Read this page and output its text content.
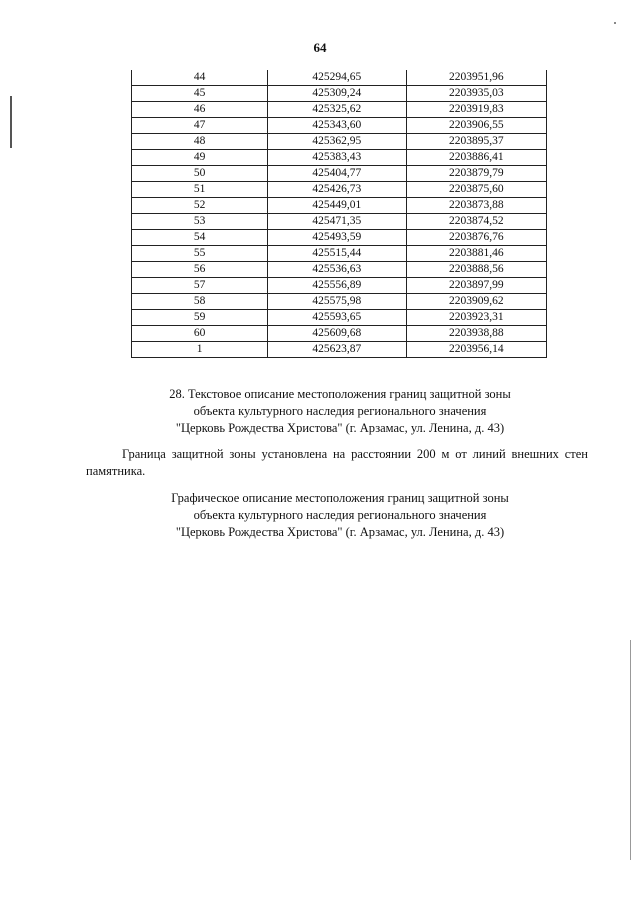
64
44	425294,65	2203951,96
45	425309,24	2203935,03
46	425325,62	2203919,83
47	425343,60	2203906,55
48	425362,95	2203895,37
49	425383,43	2203886,41
50	425404,77	2203879,79
51	425426,73	2203875,60
52	425449,01	2203873,88
53	425471,35	2203874,52
54	425493,59	2203876,76
55	425515,44	2203881,46
56	425536,63	2203888,56
57	425556,89	2203897,99
58	425575,98	2203909,62
59	425593,65	2203923,31
60	425609,68	2203938,88
1	425623,87	2203956,14
28. Текстовое описание местоположения границ защитной зоны
объекта культурного наследия регионального значения
"Церковь Рождества Христова" (г. Арзамас, ул. Ленина, д. 43)
Граница защитной зоны установлена на расстоянии 200 м от линий внешних стен памятника.
Графическое описание местоположения границ защитной зоны
объекта культурного наследия регионального значения
"Церковь Рождества Христова" (г. Арзамас, ул. Ленина, д. 43)
